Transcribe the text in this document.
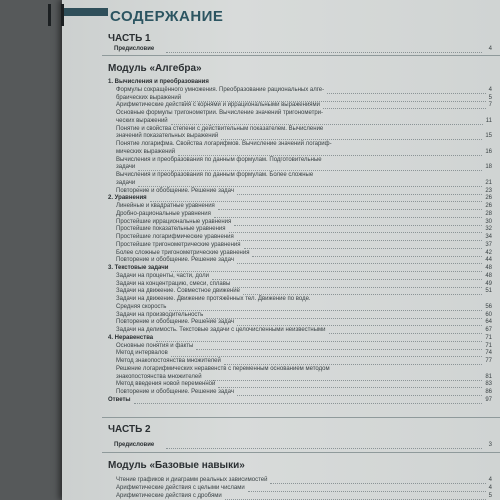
СОДЕРЖАНИЕ
ЧАСТЬ 1
Предисловие	4
Модуль «Алгебра»
1. Вычисления и преобразования
Формулы сокращённого умножения. Преобразование рациональных алге-	4
браических выражений	5
Арифметические действия с корнями и иррациональными выражениями	7
Основные формулы тригонометрии. Вычисление значений тригонометри-
ческих выражений	11
Понятие и свойства степени с действительным показателем. Вычисление
значений показательных выражений	15
Понятие логарифма. Свойства логарифмов. Вычисление значений логариф-
мических выражений	16
Вычисления и преобразования по данным формулам. Подготовительные
задачи	18
Вычисления и преобразования по данным формулам. Более сложные
задачи	21
Повторение и обобщение. Решение задач	23
2. Уравнения	26
Линейные и квадратные уравнения	26
Дробно-рациональные уравнения	28
Простейшие иррациональные уравнения	30
Простейшие показательные уравнения	32
Простейшие логарифмические уравнения	34
Простейшие тригонометрические уравнения	37
Более сложные тригонометрические уравнения	42
Повторение и обобщение. Решение задач	44
3. Текстовые задачи	48
Задачи на проценты, части, доли	48
Задачи на концентрацию, смеси, сплавы	49
Задачи на движение. Совместное движение	51
Задачи на движение. Движение протяжённых тел. Движение по воде.
Средняя скорость	56
Задачи на производительность	60
Повторение и обобщение. Решение задач	64
Задачи на делимость. Текстовые задачи с целочисленными неизвестными	67
4. Неравенства	71
Основные понятия и факты	71
Метод интервалов	74
Метод знакопостоянства множителей	77
Решение логарифмических неравенств с переменным основанием методом
знакопостоянства множителей	81
Метод введения новой переменной	83
Повторение и обобщение. Решение задач	86
Ответы	97
ЧАСТЬ 2
Предисловие	3
Модуль «Базовые навыки»
Чтение графиков и диаграмм реальных зависимостей	4
Арифметические действия с целыми числами	4
Арифметические действия с дробями	5
